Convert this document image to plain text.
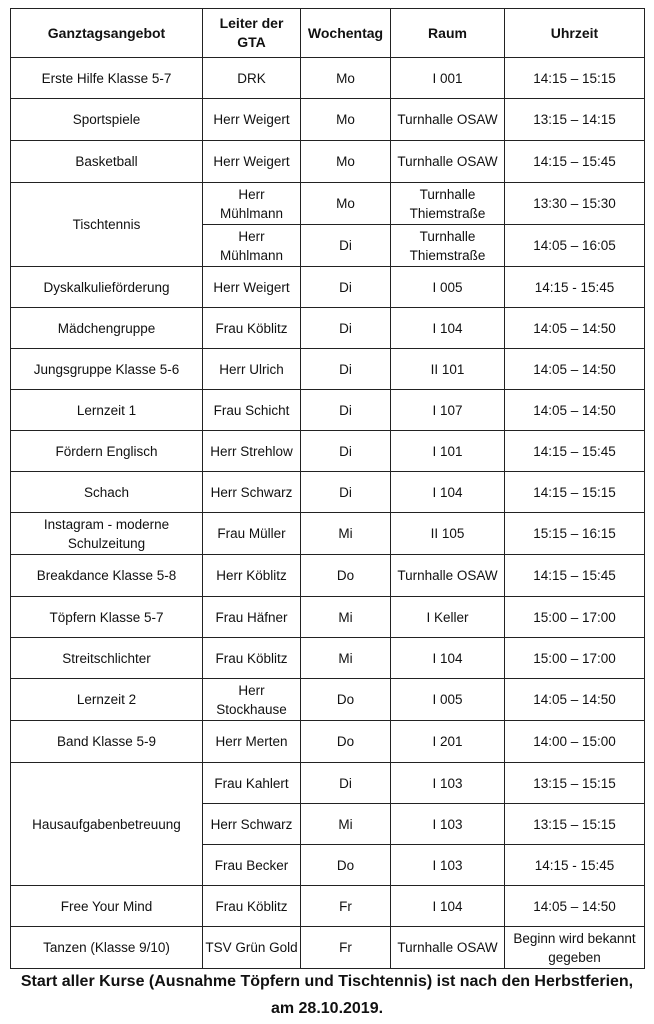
Ganztagsangebot	Leiter der GTA	Wochentag	Raum	Uhrzeit
Erste Hilfe Klasse 5-7	DRK	Mo	I 001	14:15 – 15:15
Sportspiele	Herr Weigert	Mo	Turnhalle OSAW	13:15 – 14:15
Basketball	Herr Weigert	Mo	Turnhalle OSAW	14:15 – 15:45
Tischtennis	Herr Mühlmann	Mo	Turnhalle Thiemstraße	13:30 – 15:30
	Herr Mühlmann	Di	Turnhalle Thiemstraße	14:05 – 16:05
Dyskalkulieförderung	Herr Weigert	Di	I 005	14:15 - 15:45
Mädchengruppe	Frau Köblitz	Di	I 104	14:05 – 14:50
Jungsgruppe Klasse 5-6	Herr Ulrich	Di	II 101	14:05 – 14:50
Lernzeit 1	Frau Schicht	Di	I 107	14:05 – 14:50
Fördern Englisch	Herr Strehlow	Di	I 101	14:15 – 15:45
Schach	Herr Schwarz	Di	I 104	14:15 – 15:15
Instagram - moderne Schulzeitung	Frau Müller	Mi	II 105	15:15 – 16:15
Breakdance Klasse 5-8	Herr Köblitz	Do	Turnhalle OSAW	14:15 – 15:45
Töpfern Klasse 5-7	Frau Häfner	Mi	I Keller	15:00 – 17:00
Streitschlichter	Frau Köblitz	Mi	I 104	15:00 – 17:00
Lernzeit 2	Herr Stockhause	Do	I 005	14:05 – 14:50
Band Klasse 5-9	Herr Merten	Do	I 201	14:00 – 15:00
Hausaufgabenbetreuung	Frau Kahlert	Di	I 103	13:15 – 15:15
	Herr Schwarz	Mi	I 103	13:15 – 15:15
	Frau Becker	Do	I 103	14:15 - 15:45
Free Your Mind	Frau Köblitz	Fr	I 104	14:05 – 14:50
Tanzen (Klasse 9/10)	TSV Grün Gold	Fr	Turnhalle OSAW	Beginn wird bekannt gegeben
Start aller Kurse (Ausnahme Töpfern und Tischtennis) ist nach den Herbstferien, am 28.10.2019.
